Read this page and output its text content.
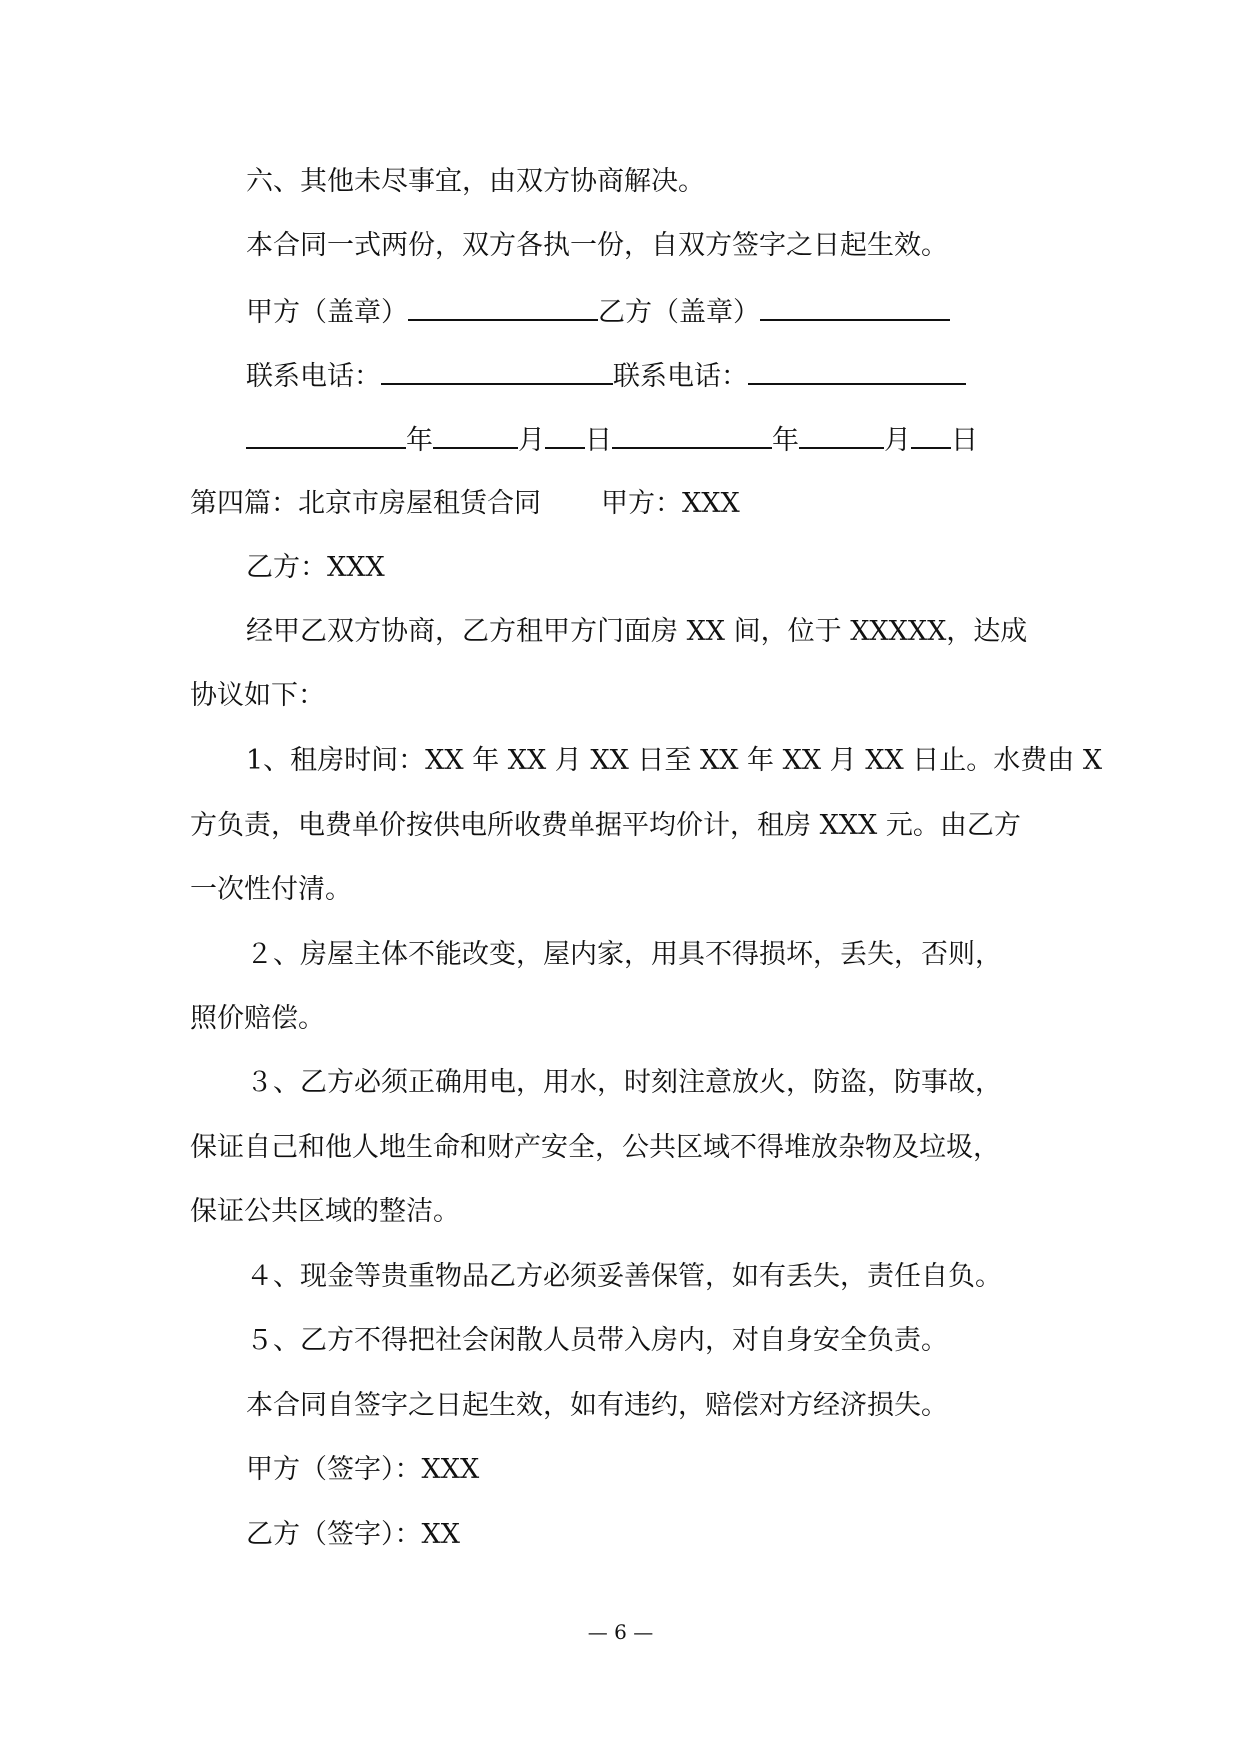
六、其他未尽事宜，由双方协商解决。
本合同一式两份，双方各执一份，自双方签字之日起生效。
甲方（盖章）	乙方（盖章）
联系电话：	联系电话：
年	月 日	年	月 日
第四篇：北京市房屋租赁合同 甲方：XXX
乙方：XXX
经甲乙双方协商，乙方租甲方门面房 XX 间，位于 XXXXX，达成
协议如下：
1、租房时间：XX 年 XX 月 XX 日至 XX 年 XX 月 XX 日止。水费由 X
方负责，电费单价按供电所收费单据平均价计，租房 XXX 元。由乙方
一次性付清。
２、房屋主体不能改变，屋内家，用具不得损坏，丢失，否则，
照价赔偿。
３、乙方必须正确用电，用水，时刻注意放火，防盗，防事故，
保证自己和他人地生命和财产安全，公共区域不得堆放杂物及垃圾，
保证公共区域的整洁。
４、现金等贵重物品乙方必须妥善保管，如有丢失，责任自负。
５、乙方不得把社会闲散人员带入房内，对自身安全负责。
本合同自签字之日起生效，如有违约，赔偿对方经济损失。
甲方（签字）：XXX
乙方（签字）：XX
— 6 —
